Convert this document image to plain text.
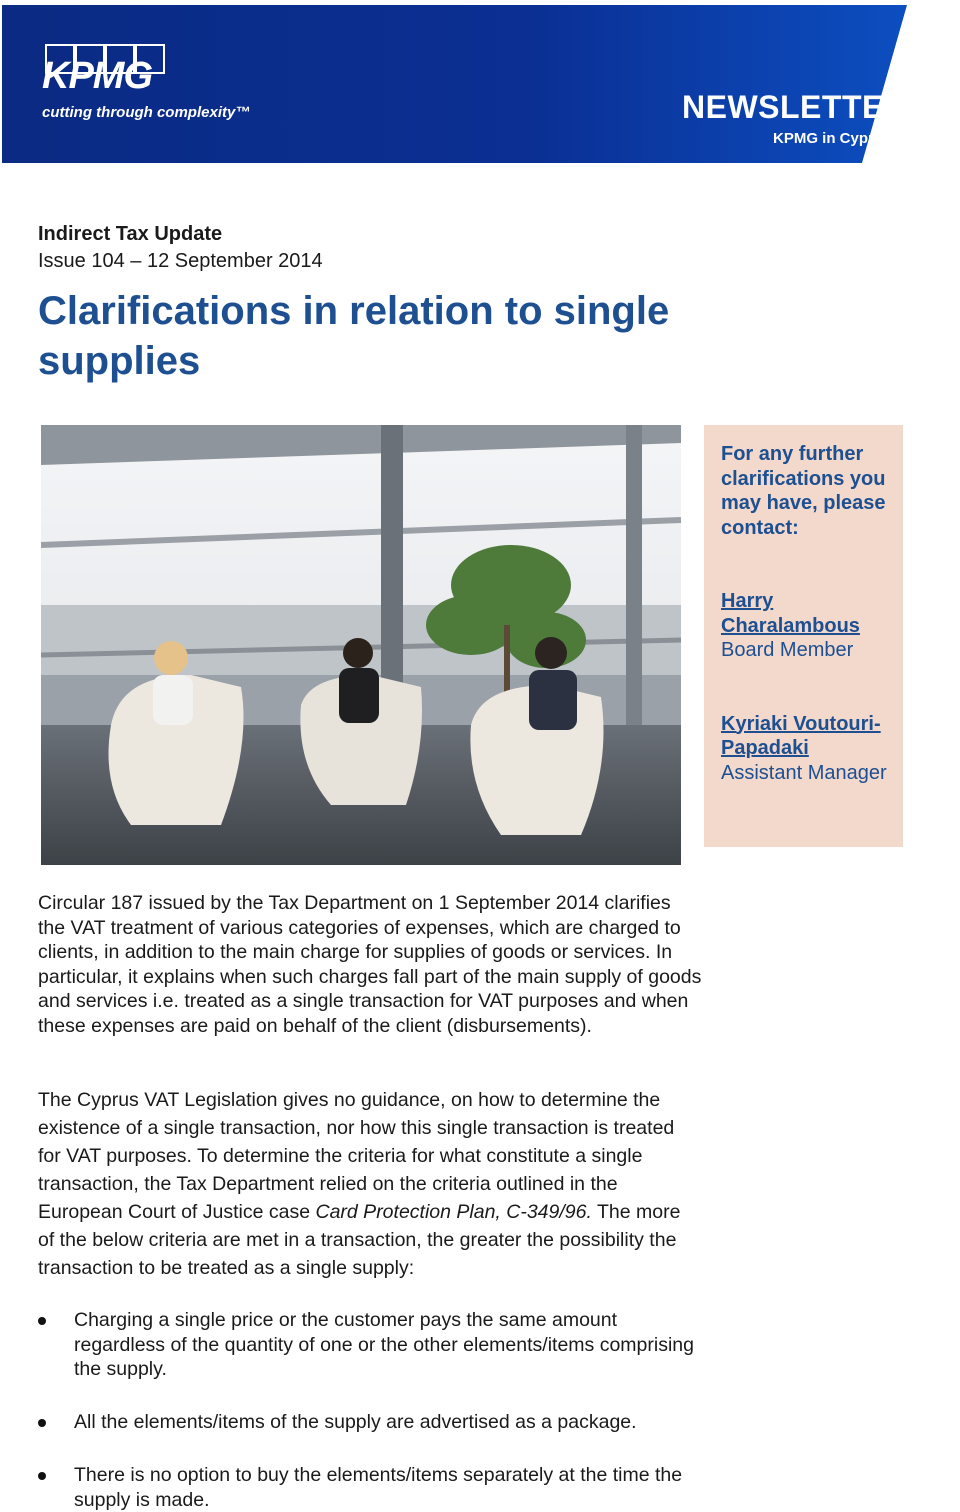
KPMG
cutting through complexity™	NEWSLETTER
KPMG in Cyprus
Indirect Tax Update
Issue 104 – 12 September 2014
Clarifications in relation to single supplies
For any further clarifications you may have, please contact:
Harry Charalambous
Board Member
Kyriaki Voutouri-Papadaki
Assistant Manager

Circular 187 issued by the Tax Department on 1 September 2014 clarifies the VAT treatment of various categories of expenses, which are charged to clients, in addition to the main charge for supplies of goods or services. In particular, it explains when such charges fall part of the main supply of goods and services i.e. treated as a single transaction for VAT purposes and when these expenses are paid on behalf of the client (disbursements).

The Cyprus VAT Legislation gives no guidance, on how to determine the existence of a single transaction, nor how this single transaction is treated for VAT purposes. To determine the criteria for what constitute a single transaction, the Tax Department relied on the criteria outlined in the European Court of Justice case Card Protection Plan, C-349/96. The more of the below criteria are met in a transaction, the greater the possibility the transaction to be treated as a single supply:

Charging a single price or the customer pays the same amount regardless of the quantity of one or the other elements/items comprising the supply.
All the elements/items of the supply are advertised as a package.
There is no option to buy the elements/items separately at the time the supply is made.
